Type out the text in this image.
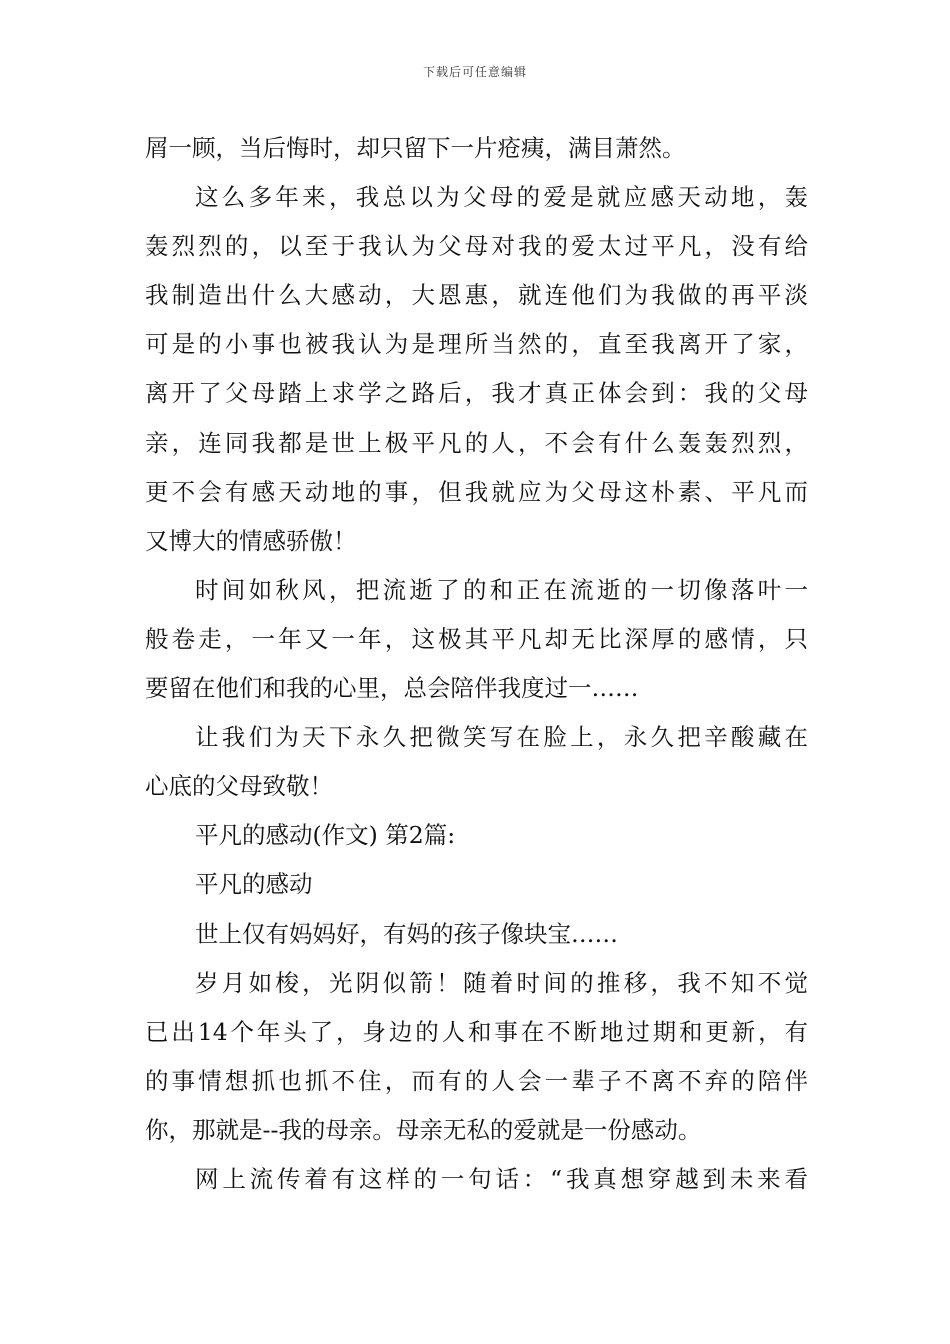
下载后可任意编辑
屑一顾，当后悔时，却只留下一片疮痍，满目萧然。
这么多年来，我总以为父母的爱是就应感天动地，轰
轰烈烈的，以至于我认为父母对我的爱太过平凡，没有给
我制造出什么大感动，大恩惠，就连他们为我做的再平淡
可是的小事也被我认为是理所当然的，直至我离开了家，
离开了父母踏上求学之路后，我才真正体会到：我的父母
亲，连同我都是世上极平凡的人，不会有什么轰轰烈烈，
更不会有感天动地的事，但我就应为父母这朴素、平凡而
又博大的情感骄傲！
时间如秋风，把流逝了的和正在流逝的一切像落叶一
般卷走，一年又一年，这极其平凡却无比深厚的感情，只
要留在他们和我的心里，总会陪伴我度过一……
让我们为天下永久把微笑写在脸上，永久把辛酸藏在
心底的父母致敬！
平凡的感动(作文) 第2篇:
平凡的感动
世上仅有妈妈好，有妈的孩子像块宝……
岁月如梭，光阴似箭！随着时间的推移，我不知不觉
已出14个年头了，身边的人和事在不断地过期和更新，有
的事情想抓也抓不住，而有的人会一辈子不离不弃的陪伴
你，那就是--我的母亲。母亲无私的爱就是一份感动。
网上流传着有这样的一句话：“我真想穿越到未来看
